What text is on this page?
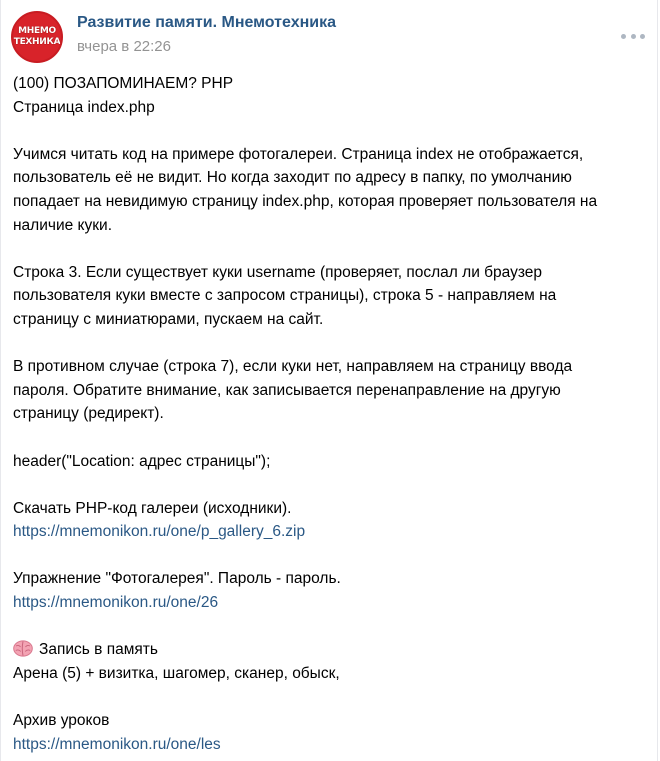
МНЕМО
ТЕХНИКА
Развитие памяти. Мнемотехника
вчера в 22:26
(100) ПОЗАПОМИНАЕМ? PHP
Страница index.php
Учимся читать код на примере фотогалереи. Страница index не отображается,
пользователь её не видит. Но когда заходит по адресу в папку, по умолчанию
попадает на невидимую страницу index.php, которая проверяет пользователя на
наличие куки.
Строка 3. Если существует куки username (проверяет, послал ли браузер
пользователя куки вместе с запросом страницы), строка 5 - направляем на
страницу с миниатюрами, пускаем на сайт.
В противном случае (строка 7), если куки нет, направляем на страницу ввода
пароля. Обратите внимание, как записывается перенаправление на другую
страницу (редирект).
header("Location: адрес страницы");
Скачать PHP-код галереи (исходники).
https://mnemonikon.ru/one/p_gallery_6.zip
Упражнение "Фотогалерея". Пароль - пароль.
https://mnemonikon.ru/one/26
Запись в память
Арена (5) + визитка, шагомер, сканер, обыск,
Архив уроков
https://mnemonikon.ru/one/les
